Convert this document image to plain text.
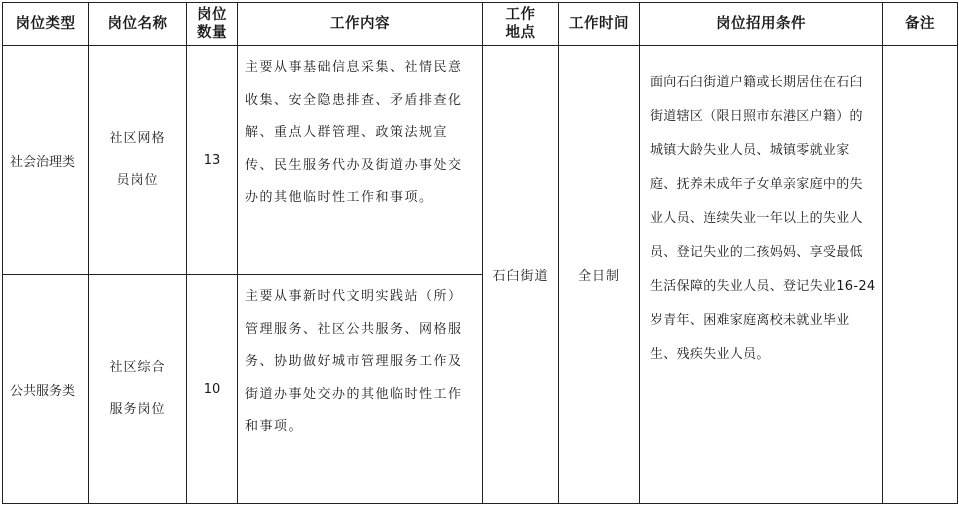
岗位类型	岗位名称	岗位数量	工作内容	工作地点	工作时间	岗位招用条件	备注
社会治理类	社区网格员岗位	13	主要从事基础信息采集、社情民意收集、安全隐患排查、矛盾排查化解、重点人群管理、政策法规宣传、民生服务代办及街道办事处交办的其他临时性工作和事项。	石臼街道	全日制	面向石臼街道户籍或长期居住在石臼街道辖区（限日照市东港区户籍）的城镇大龄失业人员、城镇零就业家庭、抚养未成年子女单亲家庭中的失业人员、连续失业一年以上的失业人员、登记失业的二孩妈妈、享受最低生活保障的失业人员、登记失业16-24岁青年、困难家庭离校未就业毕业生、残疾失业人员。	
公共服务类	社区综合服务岗位	10	主要从事新时代文明实践站（所）管理服务、社区公共服务、网格服务、协助做好城市管理服务工作及街道办事处交办的其他临时性工作和事项。				
